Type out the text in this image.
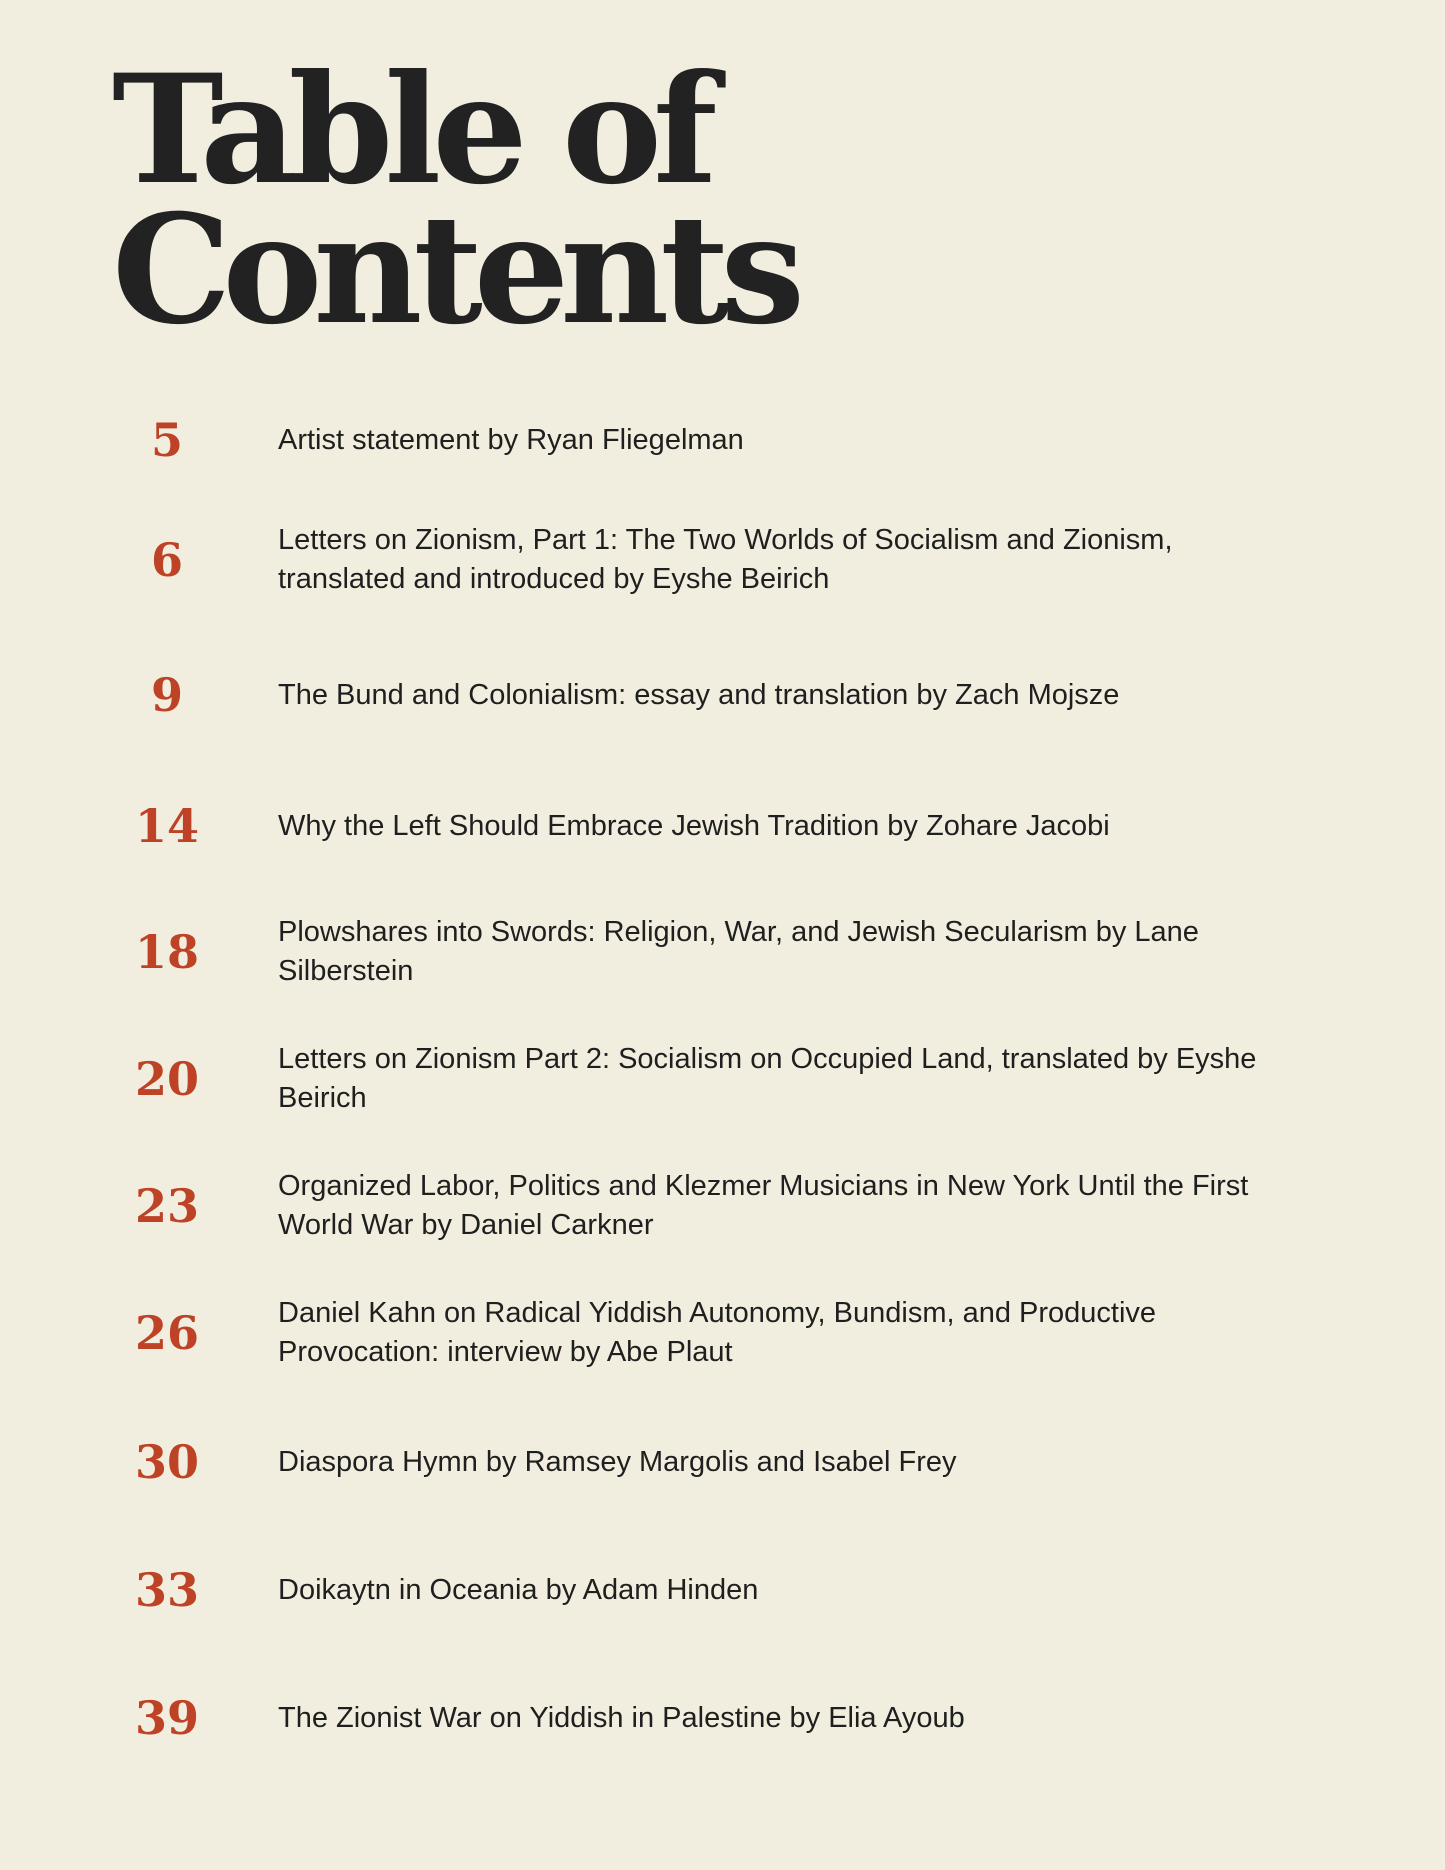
Table of
Contents
5	Artist statement by Ryan Fliegelman
6	Letters on Zionism, Part 1: The Two Worlds of Socialism and Zionism, translated and introduced by Eyshe Beirich
9	The Bund and Colonialism: essay and translation by Zach Mojsze
14	Why the Left Should Embrace Jewish Tradition by Zohare Jacobi
18	Plowshares into Swords: Religion, War, and Jewish Secularism by Lane Silberstein
20	Letters on Zionism Part 2: Socialism on Occupied Land, translated by Eyshe Beirich
23	Organized Labor, Politics and Klezmer Musicians in New York Until the First World War by Daniel Carkner
26	Daniel Kahn on Radical Yiddish Autonomy, Bundism, and Productive Provocation: interview by Abe Plaut
30	Diaspora Hymn by Ramsey Margolis and Isabel Frey
33	Doikaytn in Oceania by Adam Hinden
39	The Zionist War on Yiddish in Palestine by Elia Ayoub
